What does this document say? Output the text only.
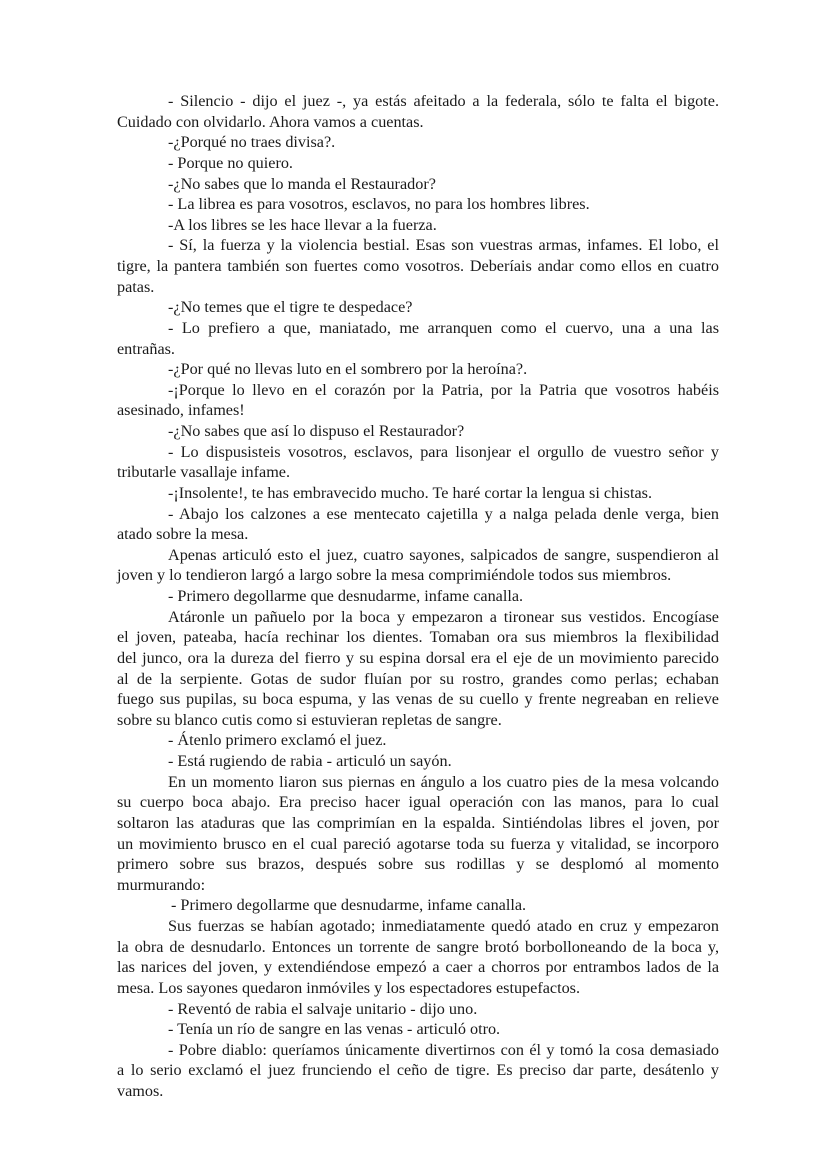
- Silencio - dijo el juez -, ya estás afeitado a la federala, sólo te falta el bigote.
Cuidado con olvidarlo. Ahora vamos a cuentas.

-¿Porqué no traes divisa?.

- Porque no quiero.

-¿No sabes que lo manda el Restaurador?

- La librea es para vosotros, esclavos, no para los hombres libres.

-A los libres se les hace llevar a la fuerza.

- Sí, la fuerza y la violencia bestial. Esas son vuestras armas, infames. El lobo, el
tigre, la pantera también son fuertes como vosotros. Deberíais andar como ellos en cuatro
patas.

-¿No temes que el tigre te despedace?

- Lo prefiero a que, maniatado, me arranquen como el cuervo, una a una las
entrañas.

-¿Por qué no llevas luto en el sombrero por la heroína?.

-¡Porque lo llevo en el corazón por la Patria, por la Patria que vosotros habéis
asesinado, infames!

-¿No sabes que así lo dispuso el Restaurador?

- Lo dispusisteis vosotros, esclavos, para lisonjear el orgullo de vuestro señor y
tributarle vasallaje infame.

-¡Insolente!, te has embravecido mucho. Te haré cortar la lengua si chistas.

- Abajo los calzones a ese mentecato cajetilla y a nalga pelada denle verga, bien
atado sobre la mesa.

Apenas articuló esto el juez, cuatro sayones, salpicados de sangre, suspendieron al
joven y lo tendieron largó a largo sobre la mesa comprimiéndole todos sus miembros.

- Primero degollarme que desnudarme, infame canalla.

Atáronle un pañuelo por la boca y empezaron a tironear sus vestidos. Encogíase
el joven, pateaba, hacía rechinar los dientes. Tomaban ora sus miembros la flexibilidad
del junco, ora la dureza del fierro y su espina dorsal era el eje de un movimiento parecido
al de la serpiente. Gotas de sudor fluían por su rostro, grandes como perlas; echaban
fuego sus pupilas, su boca espuma, y las venas de su cuello y frente negreaban en relieve
sobre su blanco cutis como si estuvieran repletas de sangre.

- Átenlo primero exclamó el juez.

- Está rugiendo de rabia - articuló un sayón.

En un momento liaron sus piernas en ángulo a los cuatro pies de la mesa volcando
su cuerpo boca abajo. Era preciso hacer igual operación con las manos, para lo cual
soltaron las ataduras que las comprimían en la espalda. Sintiéndolas libres el joven, por
un movimiento brusco en el cual pareció agotarse toda su fuerza y vitalidad, se incorporo
primero sobre sus brazos, después sobre sus rodillas y se desplomó al momento
murmurando:

- Primero degollarme que desnudarme, infame canalla.

Sus fuerzas se habían agotado; inmediatamente quedó atado en cruz y empezaron
la obra de desnudarlo. Entonces un torrente de sangre brotó borbolloneando de la boca y,
las narices del joven, y extendiéndose empezó a caer a chorros por entrambos lados de la
mesa. Los sayones quedaron inmóviles y los espectadores estupefactos.

- Reventó de rabia el salvaje unitario - dijo uno.

- Tenía un río de sangre en las venas - articuló otro.

- Pobre diablo: queríamos únicamente divertirnos con él y tomó la cosa demasiado
a lo serio exclamó el juez frunciendo el ceño de tigre. Es preciso dar parte, desátenlo y
vamos.
